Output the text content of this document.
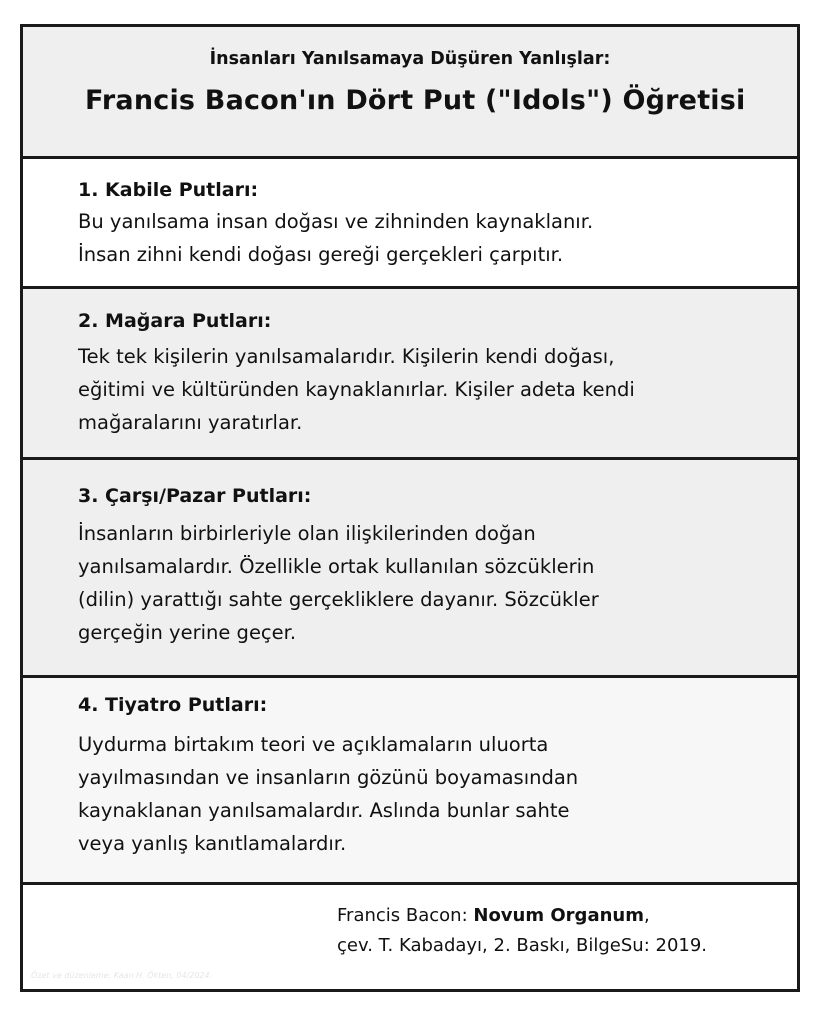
İnsanları Yanılsamaya Düşüren Yanlışlar:
Francis Bacon'ın Dört Put ("Idols") Öğretisi
1. Kabile Putları:
Bu yanılsama insan doğası ve zihninden kaynaklanır.
İnsan zihni kendi doğası gereği gerçekleri çarpıtır.
2. Mağara Putları:
Tek tek kişilerin yanılsamalarıdır. Kişilerin kendi doğası,
eğitimi ve kültüründen kaynaklanırlar. Kişiler adeta kendi
mağaralarını yaratırlar.
3. Çarşı/Pazar Putları:
İnsanların birbirleriyle olan ilişkilerinden doğan
yanılsamalardır. Özellikle ortak kullanılan sözcüklerin
(dilin) yarattığı sahte gerçekliklere dayanır. Sözcükler
gerçeğin yerine geçer.
4. Tiyatro Putları:
Uydurma birtakım teori ve açıklamaların uluorta
yayılmasından ve insanların gözünü boyamasından
kaynaklanan yanılsamalardır. Aslında bunlar sahte
veya yanlış kanıtlamalardır.
Francis Bacon: Novum Organum,
çev. T. Kabadayı, 2. Baskı, BilgeSu: 2019.
Özet ve düzenleme: Kaan H. Ökten, 04/2024.
